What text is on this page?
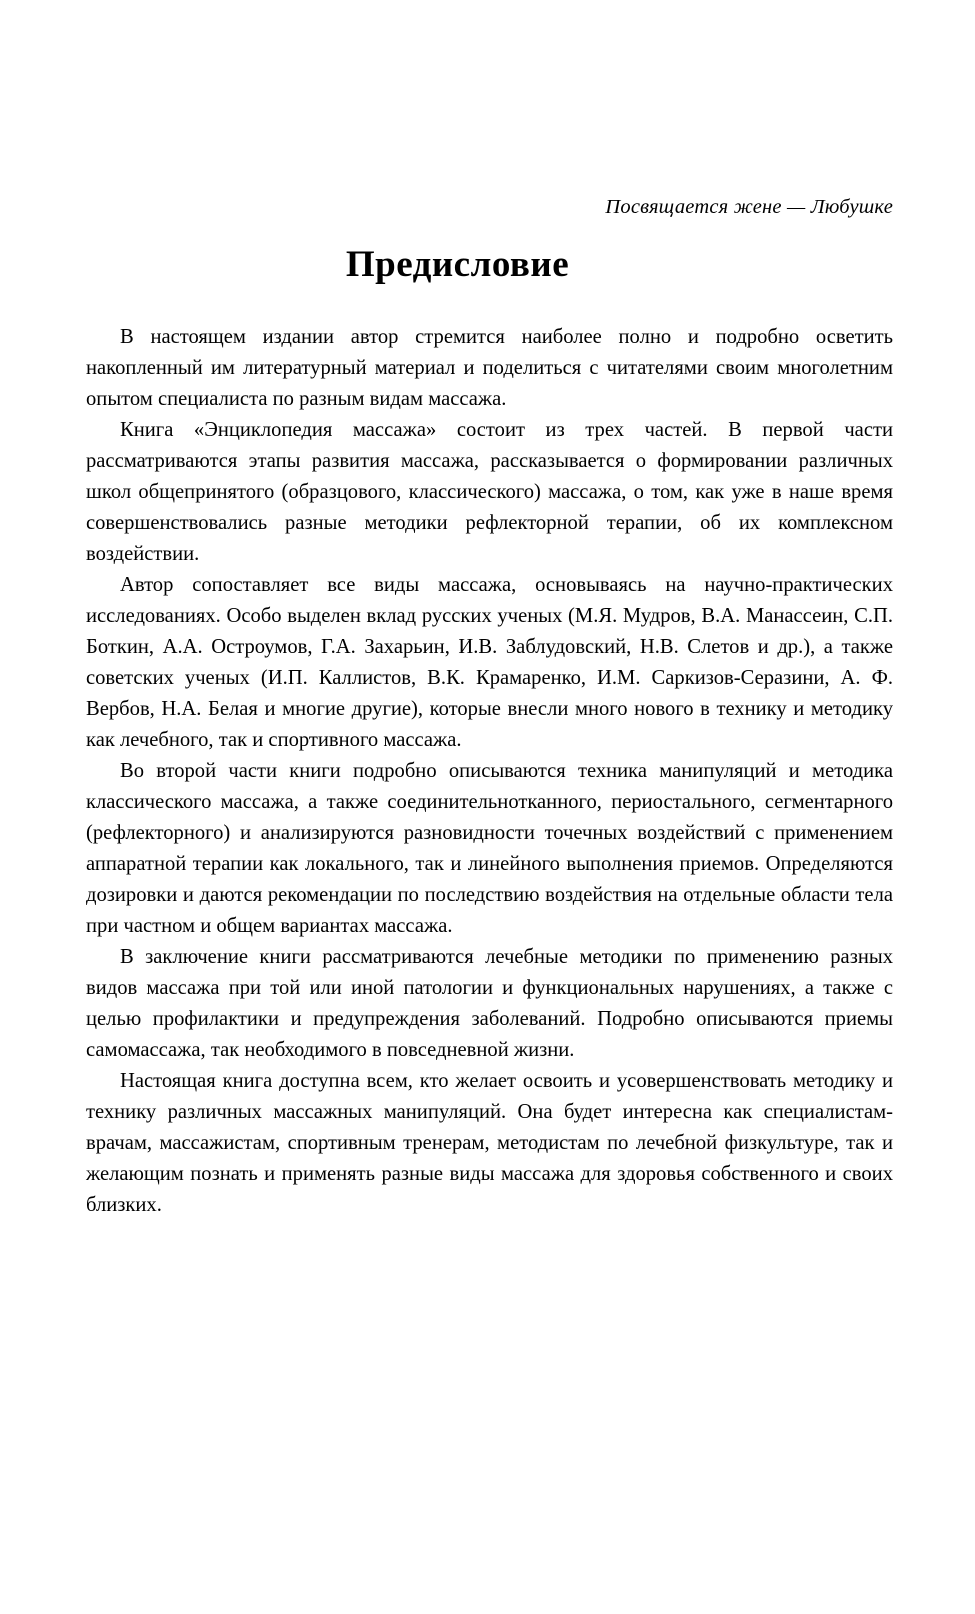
Посвящается жене — Любушке
Предисловие

В настоящем издании автор стремится наиболее полно и подробно осветить накопленный им литературный материал и поделиться с читателями своим многолетним опытом специалиста по разным видам массажа.

Книга «Энциклопедия массажа» состоит из трех частей. В первой части рассматриваются этапы развития массажа, рассказывается о формировании различных школ общепринятого (образцового, классического) массажа, о том, как уже в наше время совершенствовались разные методики рефлекторной терапии, об их комплексном воздействии.

Автор сопоставляет все виды массажа, основываясь на научно-практических исследованиях. Особо выделен вклад русских ученых (М.Я. Мудров, В.А. Манассеин, С.П. Боткин, А.А. Остроумов, Г.А. Захарьин, И.В. Заблудовский, Н.В. Слетов и др.), а также советских ученых (И.П. Каллистов, В.К. Крамаренко, И.М. Саркизов-Серазини, А. Ф. Вербов, Н.А. Белая и многие другие), которые внесли много нового в технику и методику как лечебного, так и спортивного массажа.

Во второй части книги подробно описываются техника манипуляций и методика классического массажа, а также соединительнотканного, периостального, сегментарного (рефлекторного) и анализируются разновидности точечных воздействий с применением аппаратной терапии как локального, так и линейного выполнения приемов. Определяются дозировки и даются рекомендации по последствию воздействия на отдельные области тела при частном и общем вариантах массажа.

В заключение книги рассматриваются лечебные методики по применению разных видов массажа при той или иной патологии и функциональных нарушениях, а также с целью профилактики и предупреждения заболеваний. Подробно описываются приемы самомассажа, так необходимого в повседневной жизни.

Настоящая книга доступна всем, кто желает освоить и усовершенствовать методику и технику различных массажных манипуляций. Она будет интересна как специалистам-врачам, массажистам, спортивным тренерам, методистам по лечебной физкультуре, так и желающим познать и применять разные виды массажа для здоровья собственного и своих близких.
